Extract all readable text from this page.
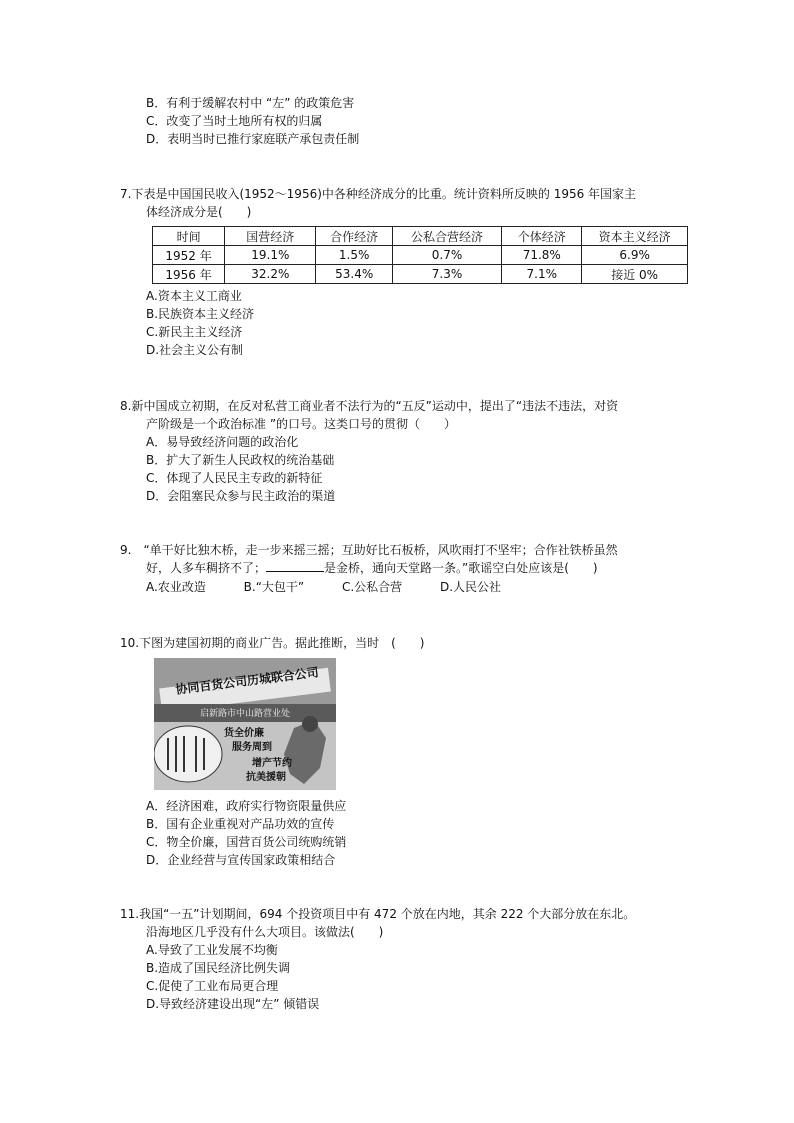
B．有利于缓解农村中 “左” 的政策危害
C．改变了当时土地所有权的归属
D．表明当时已推行家庭联产承包责任制
7.下表是中国国民收入(1952～1956)中各种经济成分的比重。统计资料所反映的 1956 年国家主
体经济成分是(　　)
时间	国营经济	合作经济	公私合营经济	个体经济	资本主义经济
1952 年	19.1%	1.5%	0.7%	71.8%	6.9%
1956 年	32.2%	53.4%	7.3%	7.1%	接近 0%
A.资本主义工商业
B.民族资本主义经济
C.新民主主义经济
D.社会主义公有制
8.新中国成立初期，在反对私营工商业者不法行为的“五反”运动中，提出了“违法不违法，对资
产阶级是一个政治标准 ”的口号。这类口号的贯彻（　　）
A．易导致经济问题的政治化
B．扩大了新生人民政权的统治基础
C．体现了人民民主专政的新特征
D．会阻塞民众参与民主政治的渠道
9.　“单干好比独木桥，走一步来摇三摇；互助好比石板桥，风吹雨打不坚牢；合作社铁桥虽然
好，人多车稠挤不了；	是金桥，通向天堂路一条。”歌谣空白处应该是(　　)
A.农业改造	B.“大包干”	C.公私合营	D.人民公社
10.下图为建国初期的商业广告。据此推断，当时　(　　)
协同百货公司历城联合公司
启新路市中山路营业处
货全价廉
服务周到
增产节约
抗美援朝
A．经济困难，政府实行物资限量供应
B．国有企业重视对产品功效的宣传
C．物全价廉，国营百货公司统购统销
D．企业经营与宣传国家政策相结合
11.我国“一五”计划期间，694 个投资项目中有 472 个放在内地，其余 222 个大部分放在东北。
沿海地区几乎没有什么大项目。该做法(　　)
A.导致了工业发展不均衡
B.造成了国民经济比例失调
C.促使了工业布局更合理
D.导致经济建设出现“左” 倾错误
